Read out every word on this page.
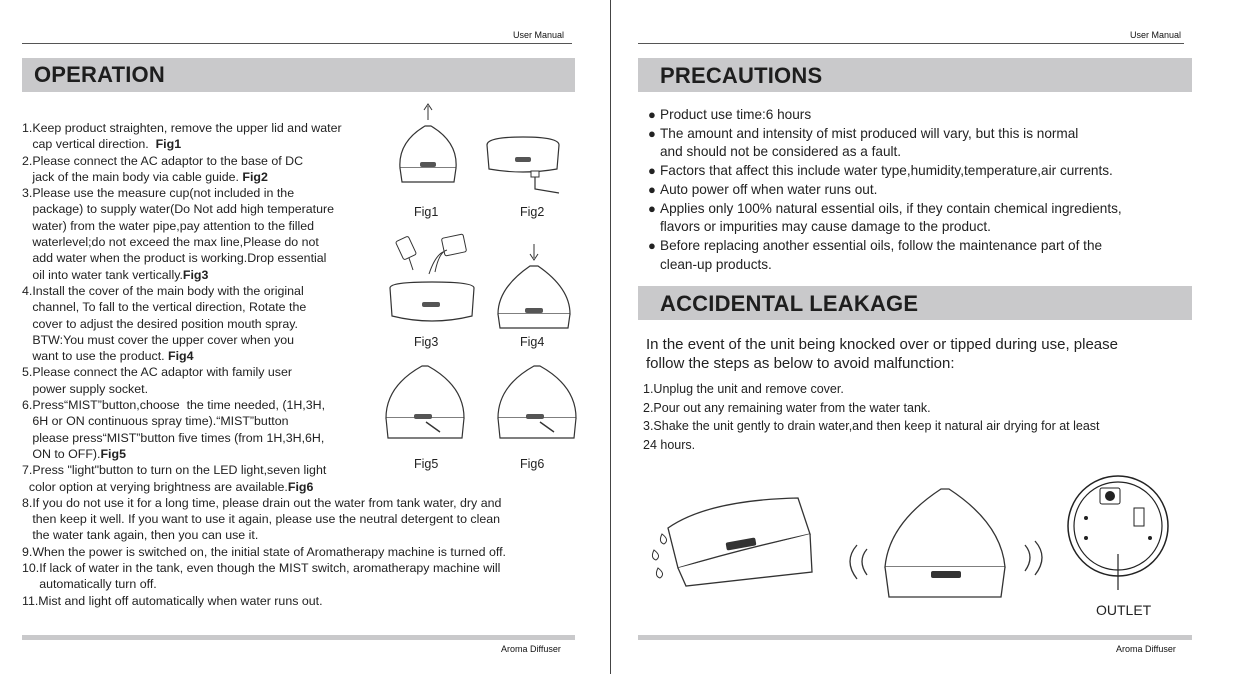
User Manual
OPERATION
1.Keep product straighten, remove the upper lid and water
cap vertical direction.  Fig1
2.Please connect the AC adaptor to the base of DC
jack of the main body via cable guide. Fig2
3.Please use the measure cup(not included in the
package) to supply water(Do Not add high temperature
water) from the water pipe,pay attention to the filled
waterlevel;do not exceed the max line,Please do not
add water when the product is working.Drop essential
oil into water tank vertically.Fig3
4.Install the cover of the main body with the original
channel, To fall to the vertical direction, Rotate the
cover to adjust the desired position mouth spray.
BTW:You must cover the upper cover when you
want to use the product. Fig4
5.Please connect the AC adaptor with family user
power supply socket.
6.Press“MIST”button,choose  the time needed, (1H,3H,
6H or ON continuous spray time).“MIST”button
please press“MIST”button five times (from 1H,3H,6H,
ON to OFF).Fig5
7.Press "light"button to turn on the LED light,seven light
color option at verying brightness are available.Fig6
8.If you do not use it for a long time, please drain out the water from tank water, dry and
then keep it well. If you want to use it again, please use the neutral detergent to clean
the water tank again, then you can use it.
9.When the power is switched on, the initial state of Aromatherapy machine is turned off.
10.If lack of water in the tank, even though the MIST switch, aromatherapy machine will
automatically turn off.
11.Mist and light off automatically when water runs out.
Fig1	Fig2
Fig3	Fig4
Fig5	Fig6
Aroma Diffuser
User Manual
PRECAUTIONS
● Product use time:6 hours
● The amount and intensity of mist produced will vary, but this is normal
and should not be considered as a fault.
● Factors that affect this include water type,humidity,temperature,air currents.
● Auto power off when water runs out.
● Applies only 100% natural essential oils, if they contain chemical ingredients,
flavors or impurities may cause damage to the product.
● Before replacing another essential oils, follow the maintenance part of the
clean-up products.
ACCIDENTAL LEAKAGE
In the event of the unit being knocked over or tipped during use, please
follow the steps as below to avoid malfunction:
1.Unplug the unit and remove cover.
2.Pour out any remaining water from the water tank.
3.Shake the unit gently to drain water,and then keep it natural air drying for at least
24 hours.
OUTLET
Aroma Diffuser
